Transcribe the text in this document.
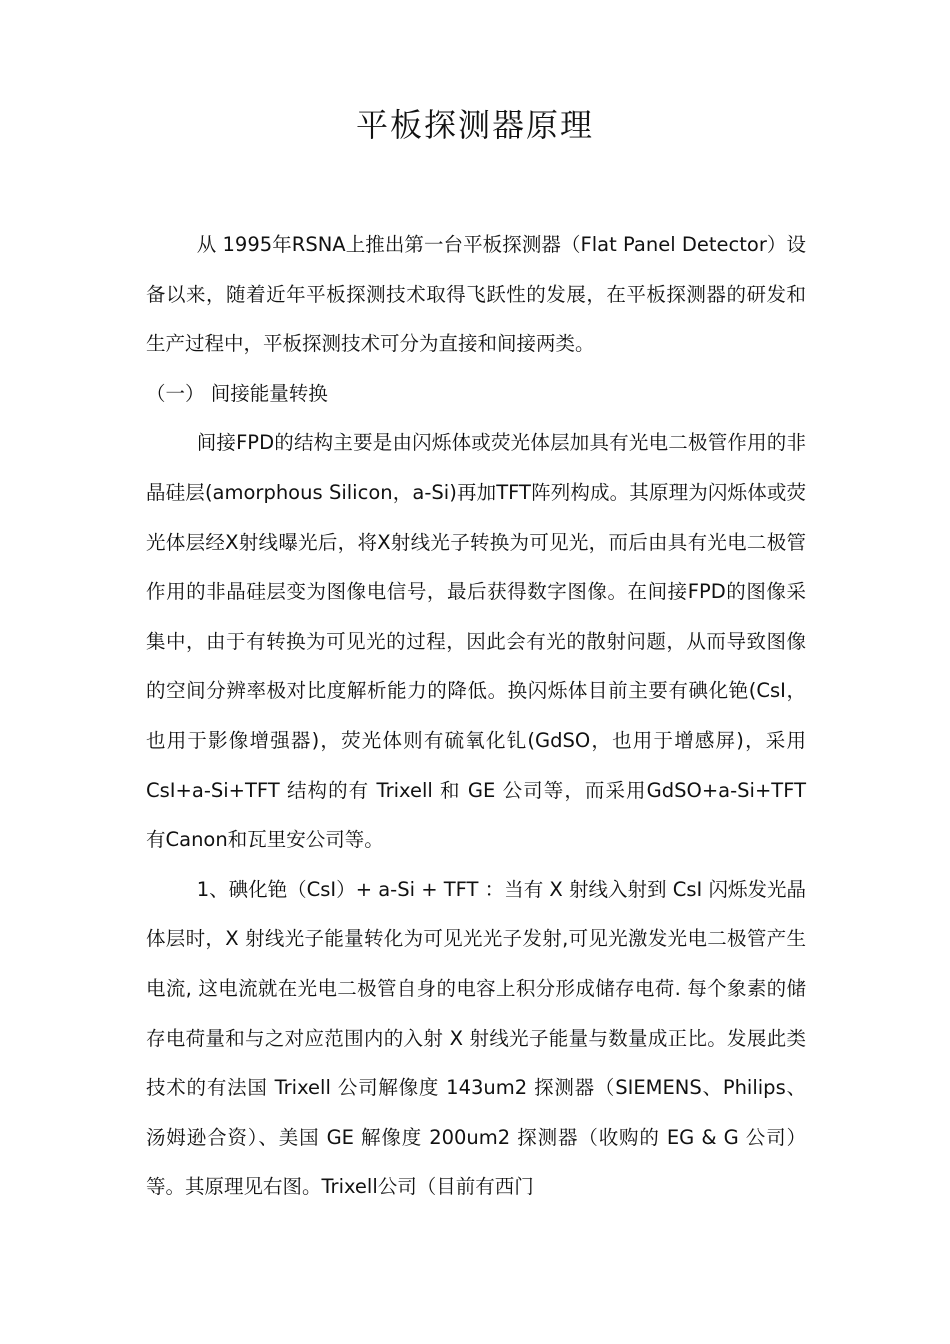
平板探测器原理

从 1995年RSNA上推出第一台平板探测器（Flat Panel Detector）设备以来，随着近年平板探测技术取得飞跃性的发展，在平板探测器的研发和生产过程中，平板探测技术可分为直接和间接两类。

（一） 间接能量转换

间接FPD的结构主要是由闪烁体或荧光体层加具有光电二极管作用的非晶硅层(amorphous Silicon，a-Si)再加TFT阵列构成。其原理为闪烁体或荧光体层经X射线曝光后，将X射线光子转换为可见光，而后由具有光电二极管作用的非晶硅层变为图像电信号，最后获得数字图像。在间接FPD的图像采集中，由于有转换为可见光的过程，因此会有光的散射问题，从而导致图像的空间分辨率极对比度解析能力的降低。换闪烁体目前主要有碘化铯(CsI，也用于影像增强器)，荧光体则有硫氧化钆(GdSO，也用于增感屏)，采用 CsI+a-Si+TFT 结构的有 Trixell 和 GE 公司等，而采用GdSO+a-Si+TFT有Canon和瓦里安公司等。

1、碘化铯（CsI）+ a-Si + TFT ：当有 X 射线入射到 CsI 闪烁发光晶体层时，X 射线光子能量转化为可见光光子发射,可见光激发光电二极管产生电流, 这电流就在光电二极管自身的电容上积分形成储存电荷. 每个象素的储存电荷量和与之对应范围内的入射 X 射线光子能量与数量成正比。发展此类技术的有法国 Trixell 公司解像度 143um2 探测器（SIEMENS、Philips、汤姆逊合资）、美国 GE 解像度 200um2 探测器（收购的 EG & G 公司）等。其原理见右图。Trixell公司（目前有西门
